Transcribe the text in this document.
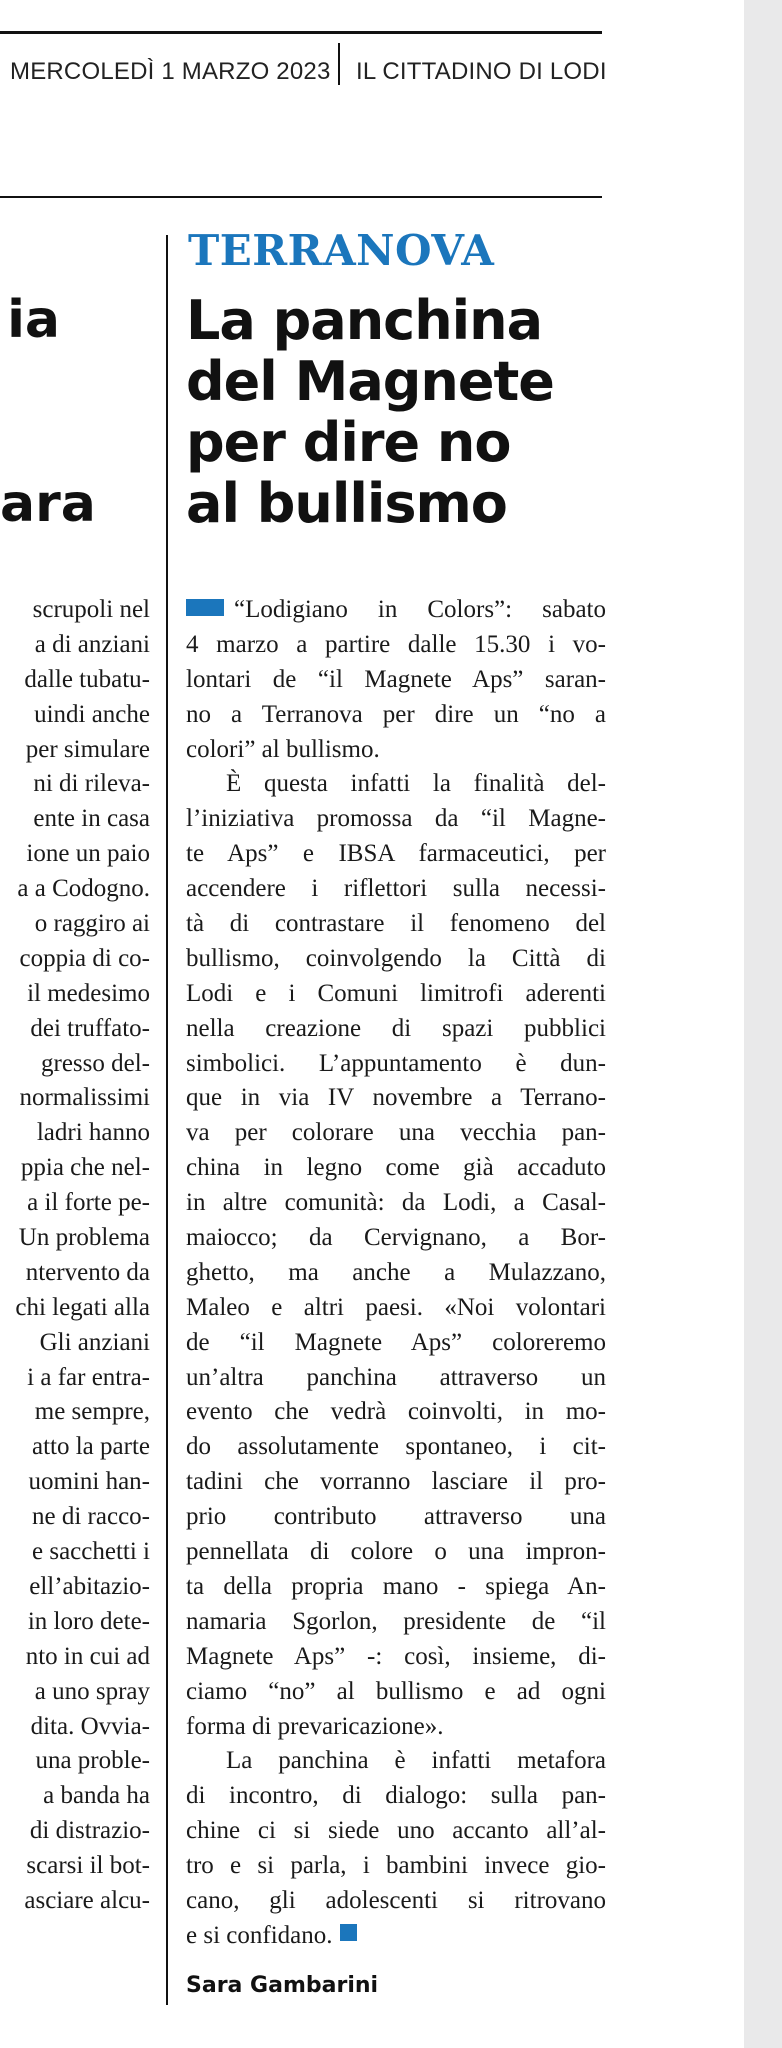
MERCOLEDÌ 1 MARZO 2023 IL CITTADINO DI LODI
ia
ara
scrupoli nel
a di anziani
dalle tubatu-
uindi anche
per simulare
ni di rileva-
ente in casa
ione un paio
a a Codogno.
o raggiro ai
coppia di co-
il medesimo
dei truffato-
gresso del-
normalissimi
ladri hanno
ppia che nel-
a il forte pe-
Un problema
ntervento da
chi legati alla
Gli anziani
i a far entra-
me sempre,
atto la parte
uomini han-
ne di racco-
e sacchetti i
ell’abitazio-
in loro dete-
nto in cui ad
a uno spray
dita. Ovvia-
una proble-
a banda ha
di distrazio-
scarsi il bot-
asciare alcu-
TERRANOVA
La panchina
del Magnete
per dire no
al bullismo
“Lodigiano in Colors”: sabato
4 marzo a partire dalle 15.30 i vo-
lontari de “il Magnete Aps” saran-
no a Terranova per dire un “no a
colori” al bullismo.
È questa infatti la finalità del-
l’iniziativa promossa da “il Magne-
te Aps” e IBSA farmaceutici, per
accendere i riflettori sulla necessi-
tà di contrastare il fenomeno del
bullismo, coinvolgendo la Città di
Lodi e i Comuni limitrofi aderenti
nella creazione di spazi pubblici
simbolici. L’appuntamento è dun-
que in via IV novembre a Terrano-
va per colorare una vecchia pan-
china in legno come già accaduto
in altre comunità: da Lodi, a Casal-
maiocco; da Cervignano, a Bor-
ghetto, ma anche a Mulazzano,
Maleo e altri paesi. «Noi volontari
de “il Magnete Aps” coloreremo
un’altra panchina attraverso un
evento che vedrà coinvolti, in mo-
do assolutamente spontaneo, i cit-
tadini che vorranno lasciare il pro-
prio contributo attraverso una
pennellata di colore o una impron-
ta della propria mano - spiega An-
namaria Sgorlon, presidente de “il
Magnete Aps” -: così, insieme, di-
ciamo “no” al bullismo e ad ogni
forma di prevaricazione».
La panchina è infatti metafora
di incontro, di dialogo: sulla pan-
chine ci si siede uno accanto all’al-
tro e si parla, i bambini invece gio-
cano, gli adolescenti si ritrovano
e si confidano.
Sara Gambarini
